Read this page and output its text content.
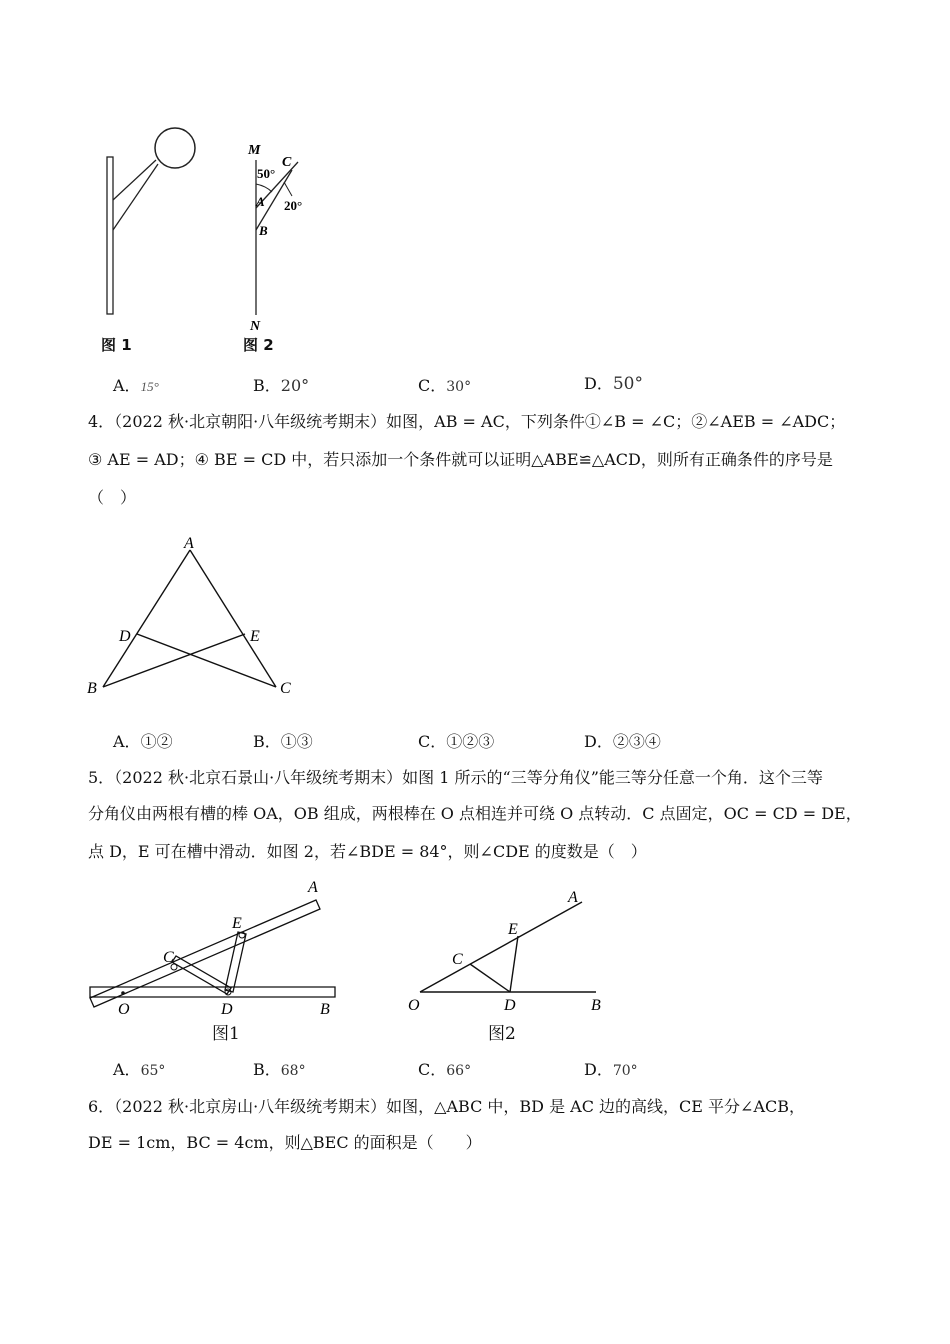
M
C
50°
A 20°
B
N
图 1	图 2
A．15°	B．20°	C．30°	D．50°
4．（2022 秋·北京朝阳·八年级统考期末）如图，AB = AC，下列条件①∠B = ∠C；②∠AEB = ∠ADC；
③ AE = AD；④ BE = CD 中，若只添加一个条件就可以证明△ABE≌△ACD，则所有正确条件的序号是
（　）
A
D	E
B	C
A．①②	B．①③	C．①②③	D．②③④
5．（2022 秋·北京石景山·八年级统考期末）如图 1 所示的“三等分角仪”能三等分任意一个角．这个三等
分角仪由两根有槽的棒 OA，OB 组成，两根棒在 O 点相连并可绕 O 点转动．C 点固定，OC = CD = DE，
点 D，E 可在槽中滑动．如图 2，若∠BDE = 84°，则∠CDE 的度数是（　）
A
E
C
O	D	B
图1
A
E
C
O	D	B
图2
A．65°	B．68°	C．66°	D．70°
6．（2022 秋·北京房山·八年级统考期末）如图，△ABC 中，BD 是 AC 边的高线，CE 平分∠ACB，
DE = 1cm，BC = 4cm，则△BEC 的面积是（　　）
